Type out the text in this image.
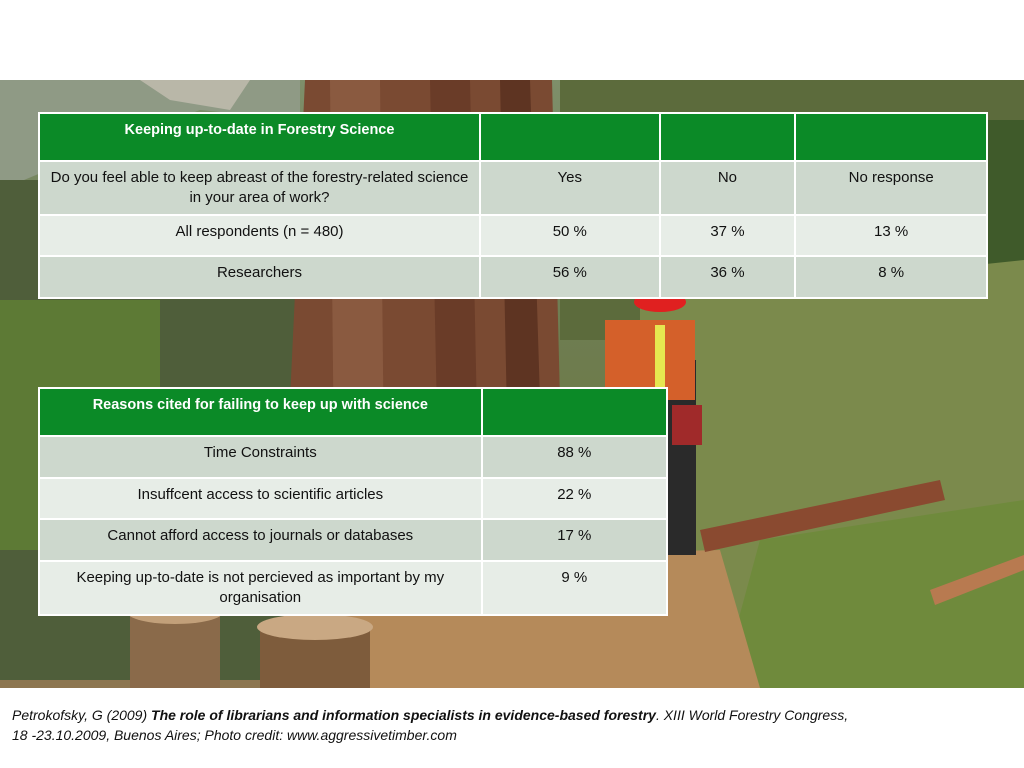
Keeping up-to-date in Forestry Science			
Do you feel able to keep abreast of the forestry-related science in your area of work?	Yes	No	No response
All respondents (n = 480)	50 %	37 %	13 %
Researchers	56 %	36 %	8 %
Reasons cited for failing to keep up with science	
Time Constraints	88 %
Insuffcent access to scientific articles	22 %
Cannot afford access to journals or databases	17 %
Keeping up-to-date is not percieved as important by my organisation	9 %
Petrokofsky, G (2009) The role of librarians and information specialists in evidence-based forestry. XIII World Forestry Congress,
18 -23.10.2009, Buenos Aires; Photo credit: www.aggressivetimber.com
